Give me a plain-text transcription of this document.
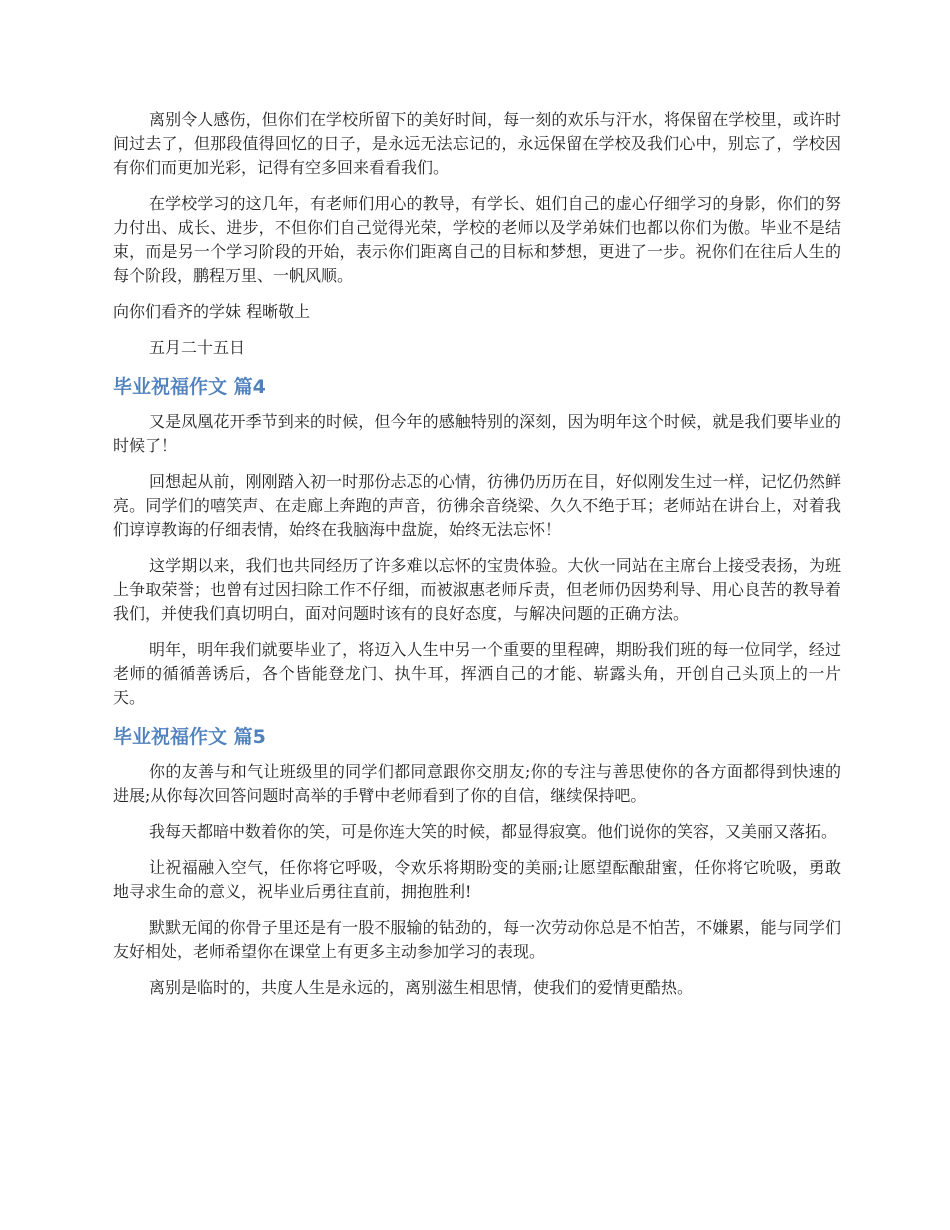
离别令人感伤，但你们在学校所留下的美好时间，每一刻的欢乐与汗水，将保留在学校里，或许时间过去了，但那段值得回忆的日子，是永远无法忘记的，永远保留在学校及我们心中，别忘了，学校因有你们而更加光彩，记得有空多回来看看我们。

在学校学习的这几年，有老师们用心的教导，有学长、姐们自己的虚心仔细学习的身影，你们的努力付出、成长、进步，不但你们自己觉得光荣，学校的老师以及学弟妹们也都以你们为傲。毕业不是结束，而是另一个学习阶段的开始，表示你们距离自己的目标和梦想，更进了一步。祝你们在往后人生的每个阶段，鹏程万里、一帆风顺。

向你们看齐的学妹 程晰敬上

五月二十五日

毕业祝福作文 篇4

又是凤凰花开季节到来的时候，但今年的感触特别的深刻，因为明年这个时候，就是我们要毕业的时候了！

回想起从前，刚刚踏入初一时那份忐忑的心情，彷彿仍历历在目，好似刚发生过一样，记忆仍然鲜亮。同学们的嘻笑声、在走廊上奔跑的声音，彷彿余音绕梁、久久不绝于耳；老师站在讲台上，对着我们谆谆教诲的仔细表情，始终在我脑海中盘旋，始终无法忘怀！

这学期以来，我们也共同经历了许多难以忘怀的宝贵体验。大伙一同站在主席台上接受表扬，为班上争取荣誉；也曾有过因扫除工作不仔细，而被淑惠老师斥责，但老师仍因势利导、用心良苦的教导着我们，并使我们真切明白，面对问题时该有的良好态度，与解决问题的正确方法。

明年，明年我们就要毕业了，将迈入人生中另一个重要的里程碑，期盼我们班的每一位同学，经过老师的循循善诱后，各个皆能登龙门、执牛耳，挥洒自己的才能、崭露头角，开创自己头顶上的一片天。

毕业祝福作文 篇5

你的友善与和气让班级里的同学们都同意跟你交朋友;你的专注与善思使你的各方面都得到快速的进展;从你每次回答问题时高举的手臂中老师看到了你的自信，继续保持吧。

我每天都暗中数着你的笑，可是你连大笑的时候，都显得寂寞。他们说你的笑容，又美丽又落拓。

让祝福融入空气，任你将它呼吸，令欢乐将期盼变的美丽;让愿望酝酿甜蜜，任你将它吮吸，勇敢地寻求生命的意义，祝毕业后勇往直前，拥抱胜利!

默默无闻的你骨子里还是有一股不服输的钻劲的，每一次劳动你总是不怕苦，不嫌累，能与同学们友好相处，老师希望你在课堂上有更多主动参加学习的表现。

离别是临时的，共度人生是永远的，离别滋生相思情，使我们的爱情更酷热。
